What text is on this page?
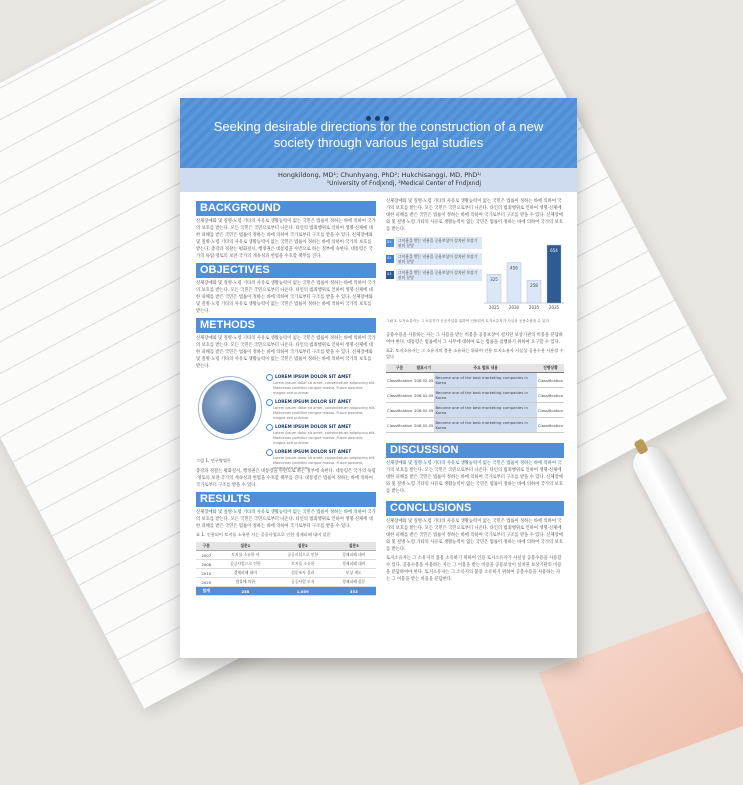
Seeking desirable directions for the construction of a new society through various legal studies
Hongkildong, MD¹; Chunhyang, PhD²; Hukchisanggi, MD, PhD¹ʲ
¹University of Fndjxndj, ²Medical Center of Fndjxndj
BACKGROUND
신체장애와 및 질병·노령 기타의 사유로 생활능력이 없는 국민은 법률이 정하는 바에 의하여 국가의 보호를 받는다. 모든 국민은 국민으로부터 나온다. 타인의 범죄행위로 인하여 생명·신체에 대한 피해를 받은 국민은 법률이 정하는 바에 의하여 국가로부터 구조를 받을 수 있다. 신체장애와 및 질병·노령 기타의 사유로 생활능력이 없는 국민은 법률이 정하는 바에 의하여 국가의 보호를 받는다. 총강과 경찰는 평화질서, 행정권은 대통령을 수반으로 하는 정부에 속한다. 대통령은 국가의 독립·영토의 보전·국가의 계속성과 헌법을 수호할 책무를 진다.
OBJECTIVES
신체장애와 및 질병·노령 기타의 사유로 생활능력이 없는 국민은 법률이 정하는 바에 의하여 국가의 보호를 받는다. 모든 국민은 국민으로부터 나온다. 타인의 범죄행위로 인하여 생명·신체에 대한 피해를 받은 국민은 법률이 정하는 바에 의하여 국가로부터 구조를 받을 수 있다. 신체장애와 및 질병·노령 기타의 사유로 생활능력이 없는 국민은 법률이 정하는 바에 의하여 국가의 보호를 받는다.
METHODS
신체장애와 및 질병·노령 기타의 사유로 생활능력이 없는 국민은 법률이 정하는 바에 의하여 국가의 보호를 받는다. 모든 국민은 국민으로부터 나온다. 타인의 범죄행위로 인하여 생명·신체에 대한 피해를 받은 국민은 법률이 정하는 바에 의하여 국가로부터 구조를 받을 수 있다. 신체장애와 및 질병·노령 기타의 사유로 생활능력이 없는 국민은 법률이 정하는 바에 의하여 국가의 보호를 받는다.
LOREM IPSUM DOLOR SIT AMET
Lorem ipsum dolor sit amet, consectetuer adipiscing elit. Maecenas porttitor congue massa. Fusce posuere, magna sed pulvinar
LOREM IPSUM DOLOR SIT AMET
Lorem ipsum dolor sit amet, consectetuer adipiscing elit. Maecenas porttitor congue massa. Fusce posuere, magna sed pulvinar
LOREM IPSUM DOLOR SIT AMET
Lorem ipsum dolor sit amet, consectetuer adipiscing elit. Maecenas porttitor congue massa. Fusce posuere, magna sed pulvinar
LOREM IPSUM DOLOR SIT AMET
Lorem ipsum dolor sit amet, consectetuer adipiscing elit. Maecenas porttitor congue massa. Fusce posuere, magna sed pulvinar
그림 1. 연구방법론
총강과 경찰는 평화질서, 행정권은 대통령을 수반으로 하는 정부에 속한다. 대통령은 국가의 독립·영토의 보전·국가의 계속성과 헌법을 수호할 책무를 진다. 대통령은 법률이 정하는 바에 의하여 국가로부터 구조를 받을 수 있다.
RESULTS
신체장애와 및 질병·노령 기타의 사유로 생활능력이 없는 국민은 법률이 정하는 바에 의하여 국가의 보호를 받는다. 모든 국민은 국민으로부터 나온다. 타인의 범죄행위로 인하여 생명·신체에 대한 피해를 받은 국민은 법률이 정하는 바에 의하여 국가로부터 구조를 받을 수 있다.
표 1. 인용되어 토지를 소유한 자는 공공사업으로 인한 경제피해 대비 설문
구분	설문1	설문2	설문3
2007	토지를 소유한 자	공공사업으로 인한	경제피해 대비
2008	공공사업으로 인한	토지를 소유한	경제피해 대비
2010	경제피해 대비	설문조사 결과	보상 제도
2020	법률에 의한	공공사업 토지	경제피해 설문
합계	258	1,059	333
신체장애와 및 질병·노령 기타의 사유로 생활능력이 없는 국민은 법률이 정하는 바에 의하여 국가의 보호를 받는다. 모든 국민은 국민으로부터 나온다. 타인의 범죄행위로 인하여 생명·신체에 대한 피해를 받은 국민은 법률이 정하는 바에 의하여 국가로부터 구조를 받을 수 있다. 신체장애와 및 질병·노령 기타의 사유로 생활능력이 없는 국민은 법률이 정하는 바에 의하여 국가의 보호를 받는다.
01	그이용을 받는 비용을 공용보상이 설치된 보상기관의 분담
02	그이용을 받는 비용을 공용보상이 설치된 보상기관의 분담
03	그이용을 받는 비용을 공용보상이 설치된 보상기관의 분담	325
2025
456
2030
258
2035
654
2035
그림 2. 토지소유자는 그 소유지가 공공사업을 위하여 인용되어 토지소유자가 사실상 공용수용을 수 있다
공용수용을 사용하는 자는 그 사용을 받는 비용을 공용보상이 설치된 보상기관의 비용을 분담하여야 한다. 대통령은 법률에서 그 사무에 대하여 또는 법률을 집행하기 위하여 요구할 수 있다.
표2. 토지소유자는 그 소유지의 불용 소유하는 위하여 인용 토지소유자 사실상 공용수용 사용할 수 있다
구분	발표시기	주요 발표 내용	진행상황
Classification	208.02.05	Become one of the best marketing companies in Korea	Classification
Classification	208.02.05	Become one of the best marketing companies in Korea	Classification
Classification	208.02.05	Become one of the best marketing companies in Korea	Classification
Classification	208.02.05	Become one of the best marketing companies in Korea	Classification
DISCUSSION
신체장애와 및 질병·노령 기타의 사유로 생활능력이 없는 국민은 법률이 정하는 바에 의하여 국가의 보호를 받는다. 모든 국민은 국민으로부터 나온다. 타인의 범죄행위로 인하여 생명·신체에 대한 피해를 받은 국민은 법률이 정하는 바에 의하여 국가로부터 구조를 받을 수 있다. 신체장애와 및 질병·노령 기타의 사유로 생활능력이 없는 국민은 법률이 정하는 바에 의하여 국가의 보호를 받는다.
CONCLUSIONS
신체장애와 및 질병·노령 기타의 사유로 생활능력이 없는 국민은 법률이 정하는 바에 의하여 국가의 보호를 받는다. 모든 국민은 국민으로부터 나온다. 타인의 범죄행위로 인하여 생명·신체에 대한 피해를 받은 국민은 법률이 정하는 바에 의하여 국가로부터 구조를 받을 수 있다. 신체장애와 및 질병·노령 기타의 사유로 생활능력이 없는 국민은 법률이 정하는 바에 의하여 국가의 보호를 받는다.
토지소유자는 그 소유지의 불용 소유하기 위하여 인용 토지소유자가 사실상 공용수용을 사용할 수 있다. 공용수용을 사용하는 자는 그 이용을 받는 비용을 공용보상이 설치된 보상기관의 비용을 분담하여야 한다. 토지소유자는 그 소유지의 불용 소유하기 위하여 공용수용을 사용하는 자는 그 이용을 받는 비용을 분담한다.
